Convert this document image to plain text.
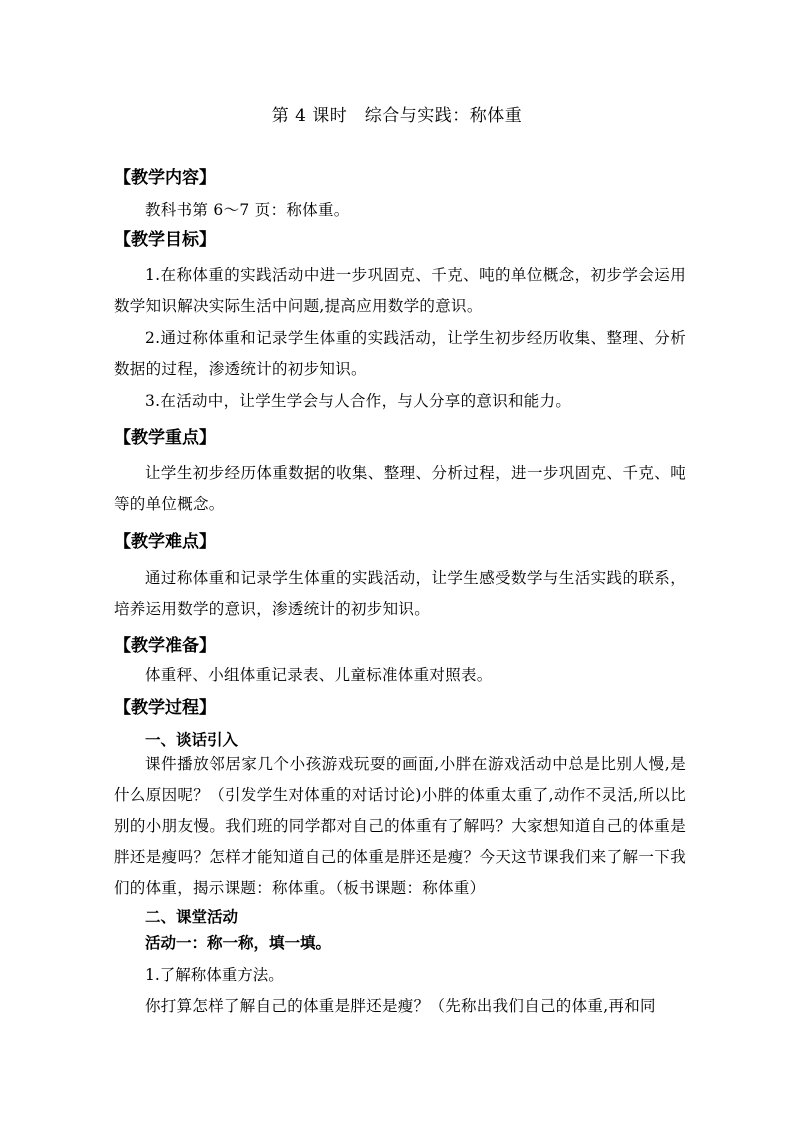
第 4 课时　综合与实践：称体重
【教学内容】
教科书第 6～7 页：称体重。
【教学目标】
1.在称体重的实践活动中进一步巩固克、千克、吨的单位概念，初步学会运用数学知识解决实际生活中问题,提高应用数学的意识。
2.通过称体重和记录学生体重的实践活动，让学生初步经历收集、整理、分析数据的过程，渗透统计的初步知识。
3.在活动中，让学生学会与人合作，与人分享的意识和能力。
【教学重点】
让学生初步经历体重数据的收集、整理、分析过程，进一步巩固克、千克、吨等的单位概念。
【教学难点】
通过称体重和记录学生体重的实践活动，让学生感受数学与生活实践的联系，培养运用数学的意识，渗透统计的初步知识。
【教学准备】
体重秤、小组体重记录表、儿童标准体重对照表。
【教学过程】
一、谈话引入
课件播放邻居家几个小孩游戏玩耍的画面,小胖在游戏活动中总是比别人慢,是什么原因呢？（引发学生对体重的对话讨论)小胖的体重太重了,动作不灵活,所以比别的小朋友慢。我们班的同学都对自己的体重有了解吗？大家想知道自己的体重是胖还是瘦吗？怎样才能知道自己的体重是胖还是瘦？今天这节课我们来了解一下我们的体重，揭示课题：称体重。（板书课题：称体重）
二、课堂活动
活动一：称一称，填一填。
1.了解称体重方法。
你打算怎样了解自己的体重是胖还是瘦？（先称出我们自己的体重,再和同
